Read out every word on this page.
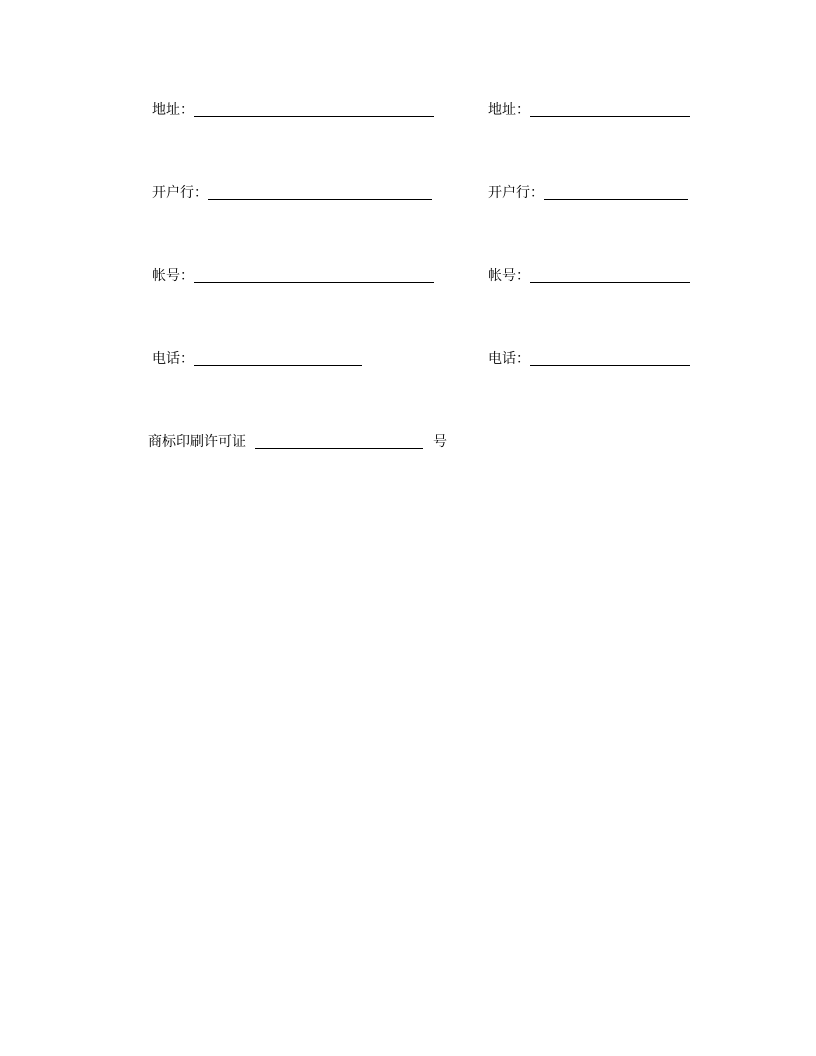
地址：
开户行：
帐号：
电话：
地址：
开户行：
帐号：
电话：
商标印刷许可证	号
